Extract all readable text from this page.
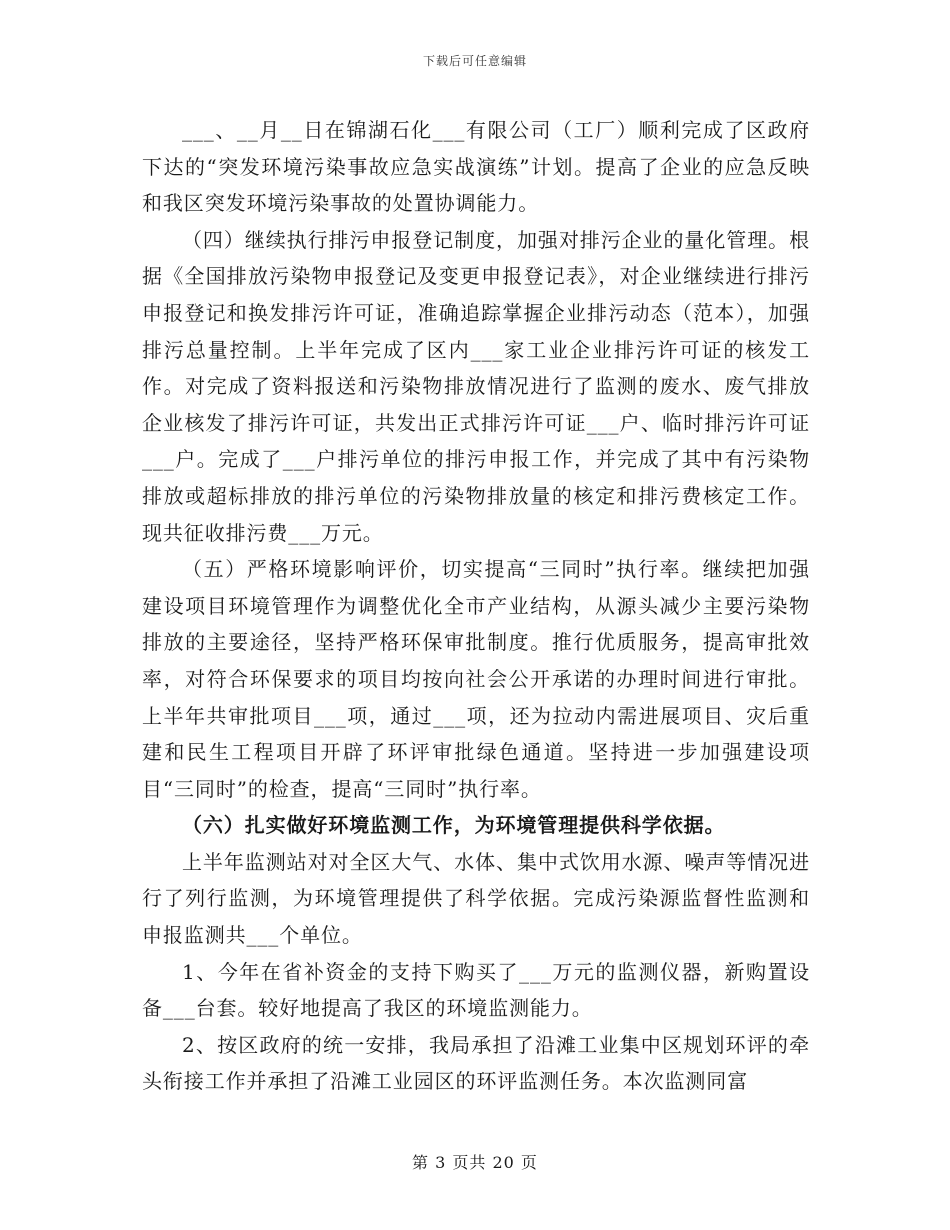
下载后可任意编辑

___、__月__日在锦湖石化___有限公司（工厂）顺利完成了区政府下达的“突发环境污染事故应急实战演练”计划。提高了企业的应急反映和我区突发环境污染事故的处置协调能力。

（四）继续执行排污申报登记制度，加强对排污企业的量化管理。根据《全国排放污染物申报登记及变更申报登记表》，对企业继续进行排污申报登记和换发排污许可证，准确追踪掌握企业排污动态（范本），加强排污总量控制。上半年完成了区内___家工业企业排污许可证的核发工作。对完成了资料报送和污染物排放情况进行了监测的废水、废气排放企业核发了排污许可证，共发出正式排污许可证___户、临时排污许可证___户。完成了___户排污单位的排污申报工作，并完成了其中有污染物排放或超标排放的排污单位的污染物排放量的核定和排污费核定工作。现共征收排污费___万元。

（五）严格环境影响评价，切实提高“三同时”执行率。继续把加强建设项目环境管理作为调整优化全市产业结构，从源头减少主要污染物排放的主要途径，坚持严格环保审批制度。推行优质服务，提高审批效率，对符合环保要求的项目均按向社会公开承诺的办理时间进行审批。上半年共审批项目___项，通过___项，还为拉动内需进展项目、灾后重建和民生工程项目开辟了环评审批绿色通道。坚持进一步加强建设项目“三同时”的检查，提高“三同时”执行率。

（六）扎实做好环境监测工作，为环境管理提供科学依据。

上半年监测站对对全区大气、水体、集中式饮用水源、噪声等情况进行了列行监测，为环境管理提供了科学依据。完成污染源监督性监测和申报监测共___个单位。

1、今年在省补资金的支持下购买了___万元的监测仪器，新购置设备___台套。较好地提高了我区的环境监测能力。

2、按区政府的统一安排，我局承担了沿滩工业集中区规划环评的牵头衔接工作并承担了沿滩工业园区的环评监测任务。本次监测同富

第 3 页共 20 页
